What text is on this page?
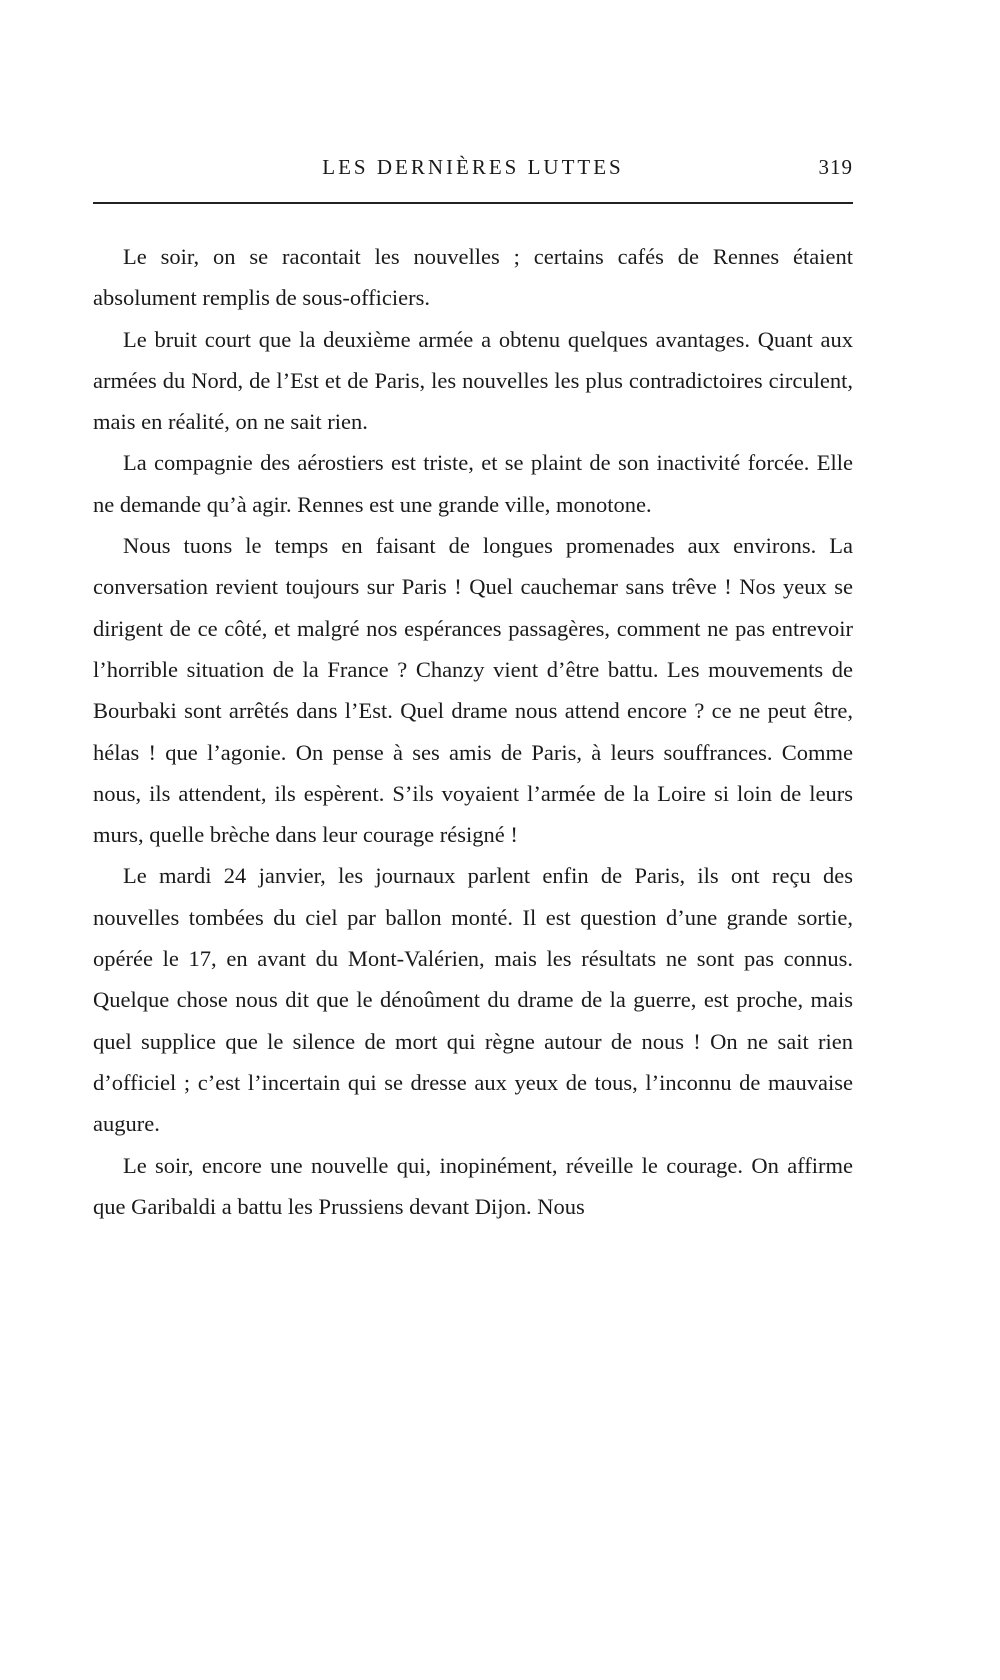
LES DERNIÈRES LUTTES	319

Le soir, on se racontait les nouvelles ; certains cafés de Rennes étaient absolument remplis de sous-officiers.

Le bruit court que la deuxième armée a obtenu quelques avantages. Quant aux armées du Nord, de l’Est et de Paris, les nouvelles les plus contradictoires circulent, mais en réalité, on ne sait rien.

La compagnie des aérostiers est triste, et se plaint de son inactivité forcée. Elle ne demande qu’à agir. Rennes est une grande ville, monotone.

Nous tuons le temps en faisant de longues promenades aux environs. La conversation revient toujours sur Paris ! Quel cauchemar sans trêve ! Nos yeux se dirigent de ce côté, et malgré nos espérances passagères, comment ne pas entrevoir l’horrible situation de la France ? Chanzy vient d’être battu. Les mouvements de Bourbaki sont arrêtés dans l’Est. Quel drame nous attend encore ? ce ne peut être, hélas ! que l’agonie. On pense à ses amis de Paris, à leurs souffrances. Comme nous, ils attendent, ils espèrent. S’ils voyaient l’armée de la Loire si loin de leurs murs, quelle brèche dans leur courage résigné !

Le mardi 24 janvier, les journaux parlent enfin de Paris, ils ont reçu des nouvelles tombées du ciel par ballon monté. Il est question d’une grande sortie, opérée le 17, en avant du Mont-Valérien, mais les résultats ne sont pas connus. Quelque chose nous dit que le dénoûment du drame de la guerre, est proche, mais quel supplice que le silence de mort qui règne autour de nous ! On ne sait rien d’officiel ; c’est l’incertain qui se dresse aux yeux de tous, l’inconnu de mauvaise augure.

Le soir, encore une nouvelle qui, inopinément, réveille le courage. On affirme que Garibaldi a battu les Prussiens devant Dijon. Nous
